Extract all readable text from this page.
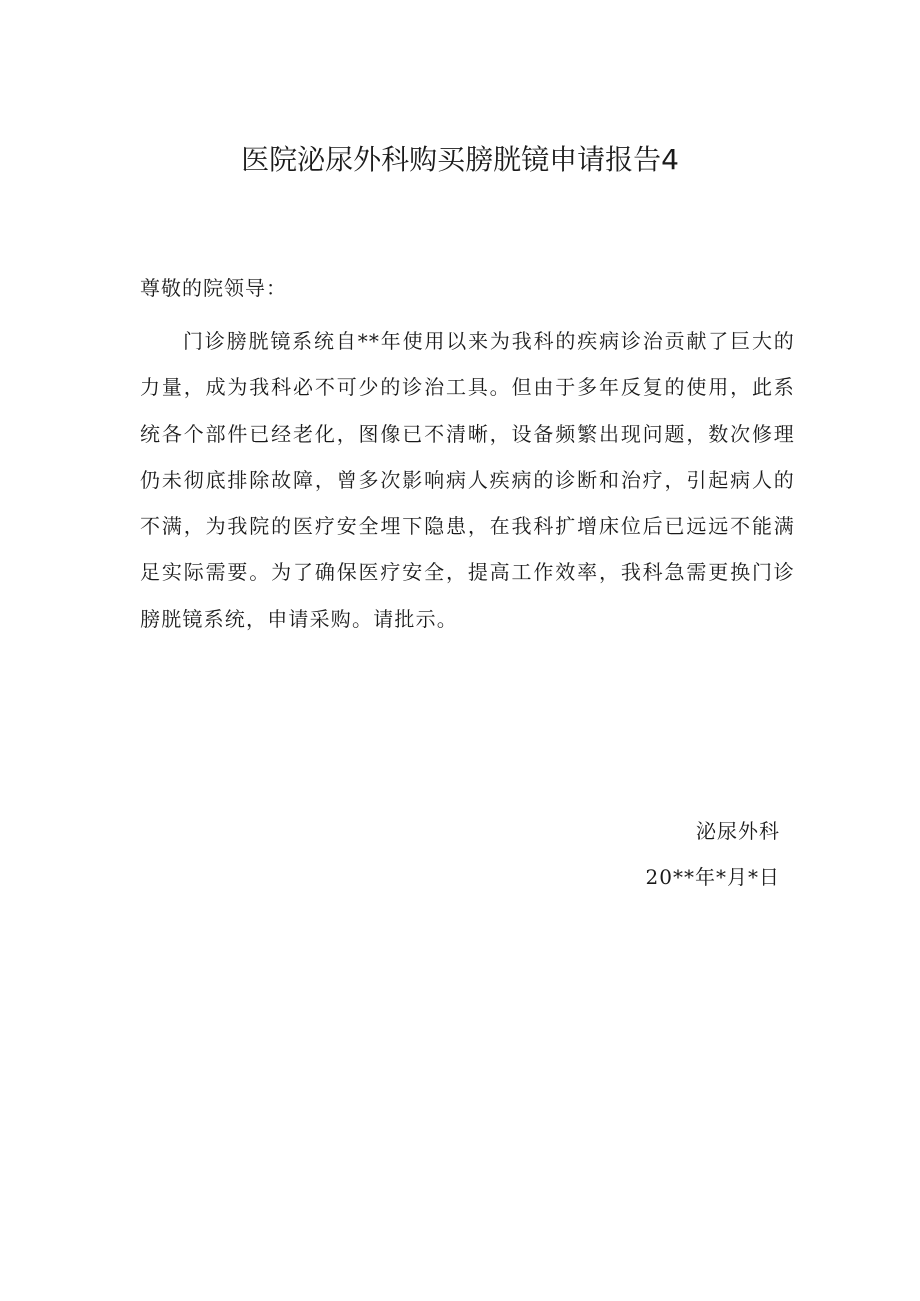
医院泌尿外科购买膀胱镜申请报告4

尊敬的院领导：

门诊膀胱镜系统自**年使用以来为我科的疾病诊治贡献了巨大的力量，成为我科必不可少的诊治工具。但由于多年反复的使用，此系统各个部件已经老化，图像已不清晰，设备频繁出现问题，数次修理仍未彻底排除故障，曾多次影响病人疾病的诊断和治疗，引起病人的不满，为我院的医疗安全埋下隐患，在我科扩增床位后已远远不能满足实际需要。为了确保医疗安全，提高工作效率，我科急需更换门诊膀胱镜系统，申请采购。请批示。

泌尿外科
20**年*月*日
